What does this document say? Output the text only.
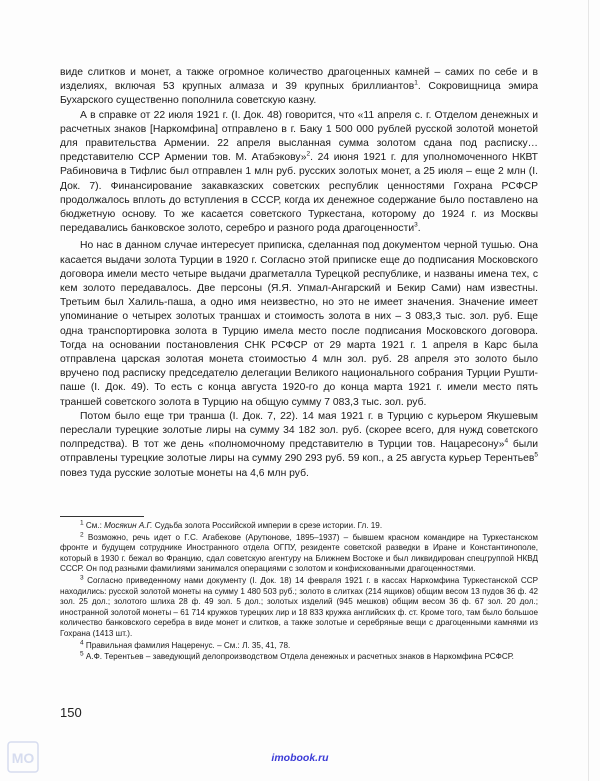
виде слитков и монет, а также огромное количество драгоценных камней – самих по себе и в изделиях, включая 53 крупных алмаза и 39 крупных бриллиантов$^1$. Сокровищница эмира Бухарского существенно пополнила советскую казну.

А в справке от 22 июля 1921 г. (I. Док. 48) говорится, что «11 апреля с. г. Отделом денежных и расчетных знаков [Наркомфина] отправлено в г. Баку 1 500 000 рублей русской золотой монетой для правительства Армении. 22 апреля высланная сумма золотом сдана под расписку… представителю ССР Армении тов. М. Атабэкову»$^2$. 24 июня 1921 г. для уполномоченного НКВТ Рабиновича в Тифлис был отправлен 1 млн руб. русских золотых монет, а 25 июля – еще 2 млн (I. Док. 7). Финансирование закавказских советских республик ценностями Гохрана РСФСР продолжалось вплоть до вступления в СССР, когда их денежное содержание было поставлено на бюджетную основу. То же касается советского Туркестана, которому до 1924 г. из Москвы передавались банковское золото, серебро и разного рода драгоценности$^3$.

Но нас в данном случае интересует приписка, сделанная под документом черной тушью. Она касается выдачи золота Турции в 1920 г. Согласно этой приписке еще до подписания Московского договора имели место четыре выдачи драгметалла Турецкой республике, и названы имена тех, с кем золото передавалось. Две персоны (Я.Я. Упмал-Ангарский и Бекир Сами) нам известны. Третьим был Халиль-паша, а одно имя неизвестно, но это не имеет значения. Значение имеет упоминание о четырех золотых траншах и стоимость золота в них – 3 083,3 тыс. зол. руб. Еще одна транспортировка золота в Турцию имела место после подписания Московского договора. Тогда на основании постановления СНК РСФСР от 29 марта 1921 г. 1 апреля в Карс была отправлена царская золотая монета стоимостью 4 млн зол. руб. 28 апреля это золото было вручено под расписку председателю делегации Великого национального собрания Турции Рушти-паше (I. Док. 49). То есть с конца августа 1920-го до конца марта 1921 г. имели место пять траншей советского золота в Турцию на общую сумму 7 083,3 тыс. зол. руб.

Потом было еще три транша (I. Док. 7, 22). 14 мая 1921 г. в Турцию с курьером Якушевым переслали турецкие золотые лиры на сумму 34 182 зол. руб. (скорее всего, для нужд советского полпредства). В тот же день «полномочному представителю в Турции тов. Нацаресону»$^4$ были отправлены турецкие золотые лиры на сумму 290 293 руб. 59 коп., а 25 августа курьер Терентьев$^5$ повез туда русские золотые монеты на 4,6 млн руб.

$^1$ См.: Мосякин А.Г. Судьба золота Российской империи в срезе истории. Гл. 19.

$^2$ Возможно, речь идет о Г.С. Агабекове (Арутюнове, 1895–1937) – бывшем красном командире на Туркестанском фронте и будущем сотруднике Иностранного отдела ОГПУ, резиденте советской разведки в Иране и Константинополе, который в 1930 г. бежал во Францию, сдал советскую агентуру на Ближнем Востоке и был ликвидирован спецгруппой НКВД СССР. Он под разными фамилиями занимался операциями с золотом и конфискованными драгоценностями.

$^3$ Согласно приведенному нами документу (I. Док. 18) 14 февраля 1921 г. в кассах Наркомфина Туркестанской ССР находились: русской золотой монеты на сумму 1 480 503 руб.; золото в слитках (214 ящиков) общим весом 13 пудов 36 ф. 42 зол. 25 дол.; золотого шлиха 28 ф. 49 зол. 5 дол.; золотых изделий (945 мешков) общим весом 36 ф. 67 зол. 20 дол.; иностранной золотой монеты – 61 714 кружков турецких лир и 18 833 кружка английских ф. ст. Кроме того, там было большое количество банковского серебра в виде монет и слитков, а также золотые и серебряные вещи с драгоценными камнями из Гохрана (1413 шт.).

$^4$ Правильная фамилия Нацеренус. – См.: Л. 35, 41, 78.

$^5$ А.Ф. Терентьев – заведующий делопроизводством Отдела денежных и расчетных знаков в Наркомфина РСФСР.

150
МО	imobook.ru
